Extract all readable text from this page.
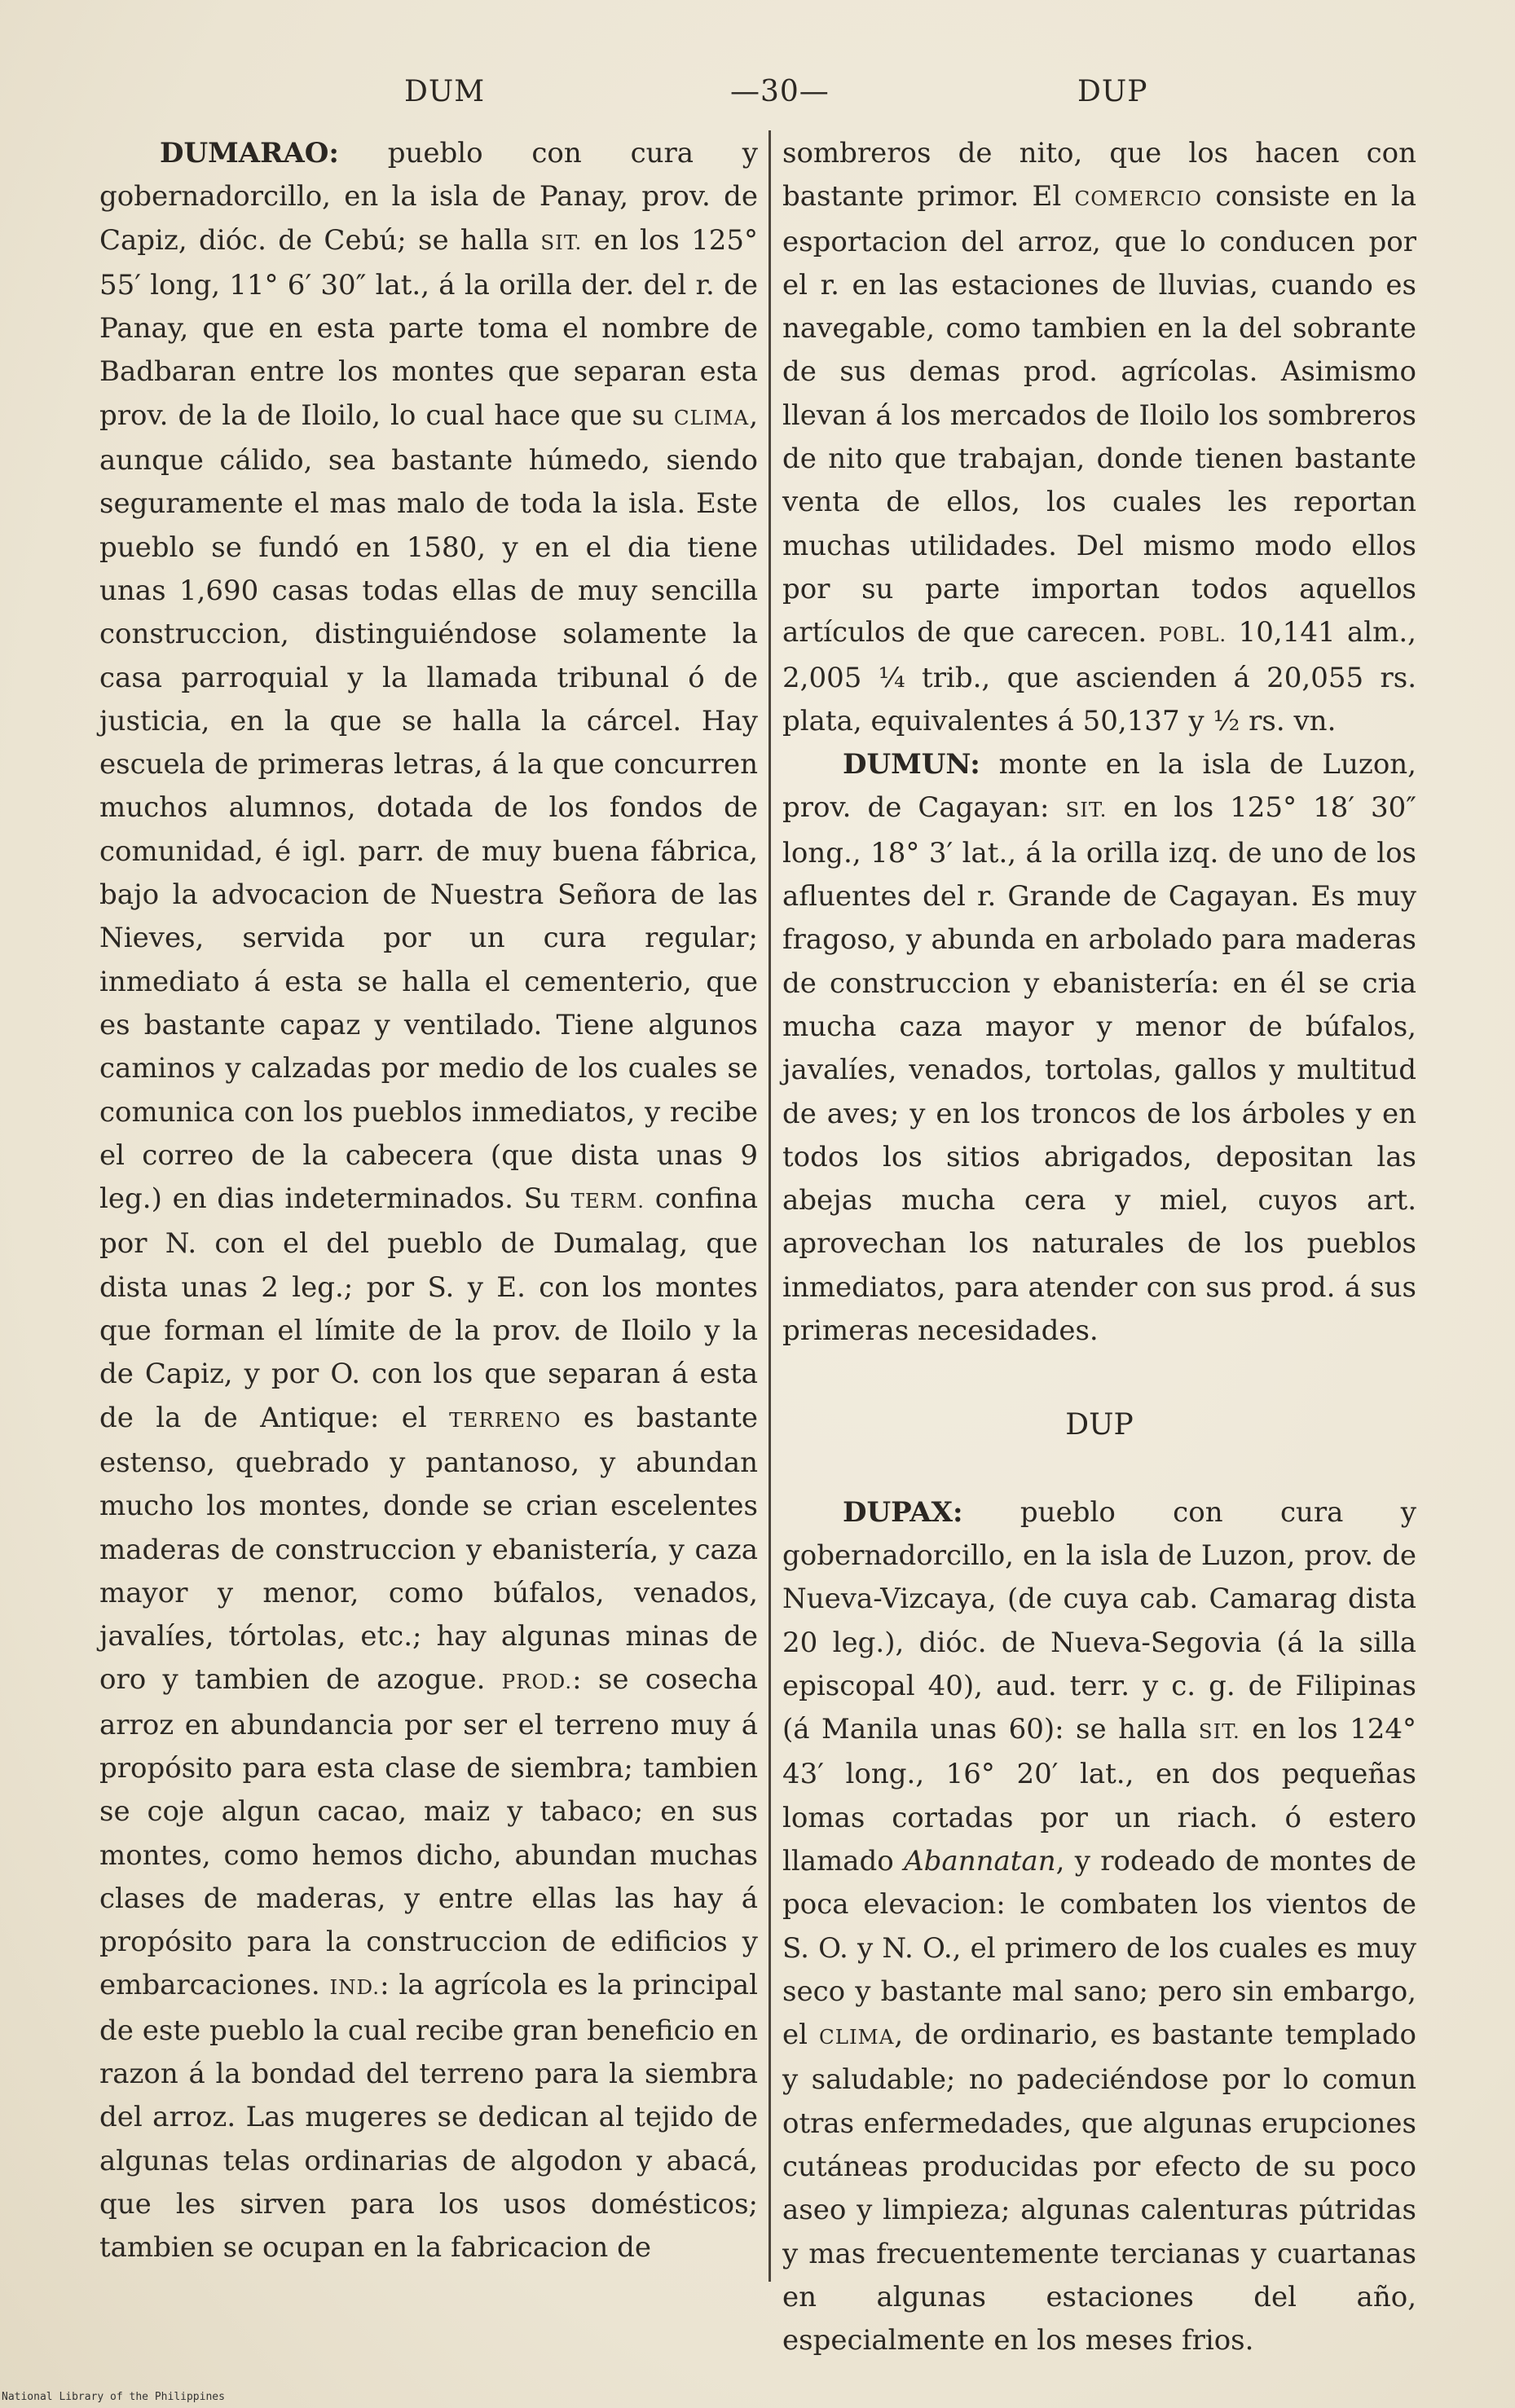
DUM	—30—	DUP

DUMARAO: pueblo con cura y gobernadorcillo, en la isla de Panay, prov. de Capiz, dióc. de Cebú; se halla SIT. en los 125° 55′ long, 11° 6′ 30″ lat., á la orilla der. del r. de Panay, que en esta parte toma el nombre de Badbaran entre los montes que separan esta prov. de la de Iloilo, lo cual hace que su CLIMA, aunque cálido, sea bastante húmedo, siendo seguramente el mas malo de toda la isla. Este pueblo se fundó en 1580, y en el dia tiene unas 1,690 casas todas ellas de muy sencilla construccion, distinguiéndose solamente la casa parroquial y la llamada tribunal ó de justicia, en la que se halla la cárcel. Hay escuela de primeras letras, á la que concurren muchos alumnos, dotada de los fondos de comunidad, é igl. parr. de muy buena fábrica, bajo la advocacion de Nuestra Señora de las Nieves, servida por un cura regular; inmediato á esta se halla el cementerio, que es bastante capaz y ventilado. Tiene algunos caminos y calzadas por medio de los cuales se comunica con los pueblos inmediatos, y recibe el correo de la cabecera (que dista unas 9 leg.) en dias indeterminados. Su TERM. confina por N. con el del pueblo de Dumalag, que dista unas 2 leg.; por S. y E. con los montes que forman el límite de la prov. de Iloilo y la de Capiz, y por O. con los que separan á esta de la de Antique: el TERRENO es bastante estenso, quebrado y pantanoso, y abundan mucho los montes, donde se crian escelentes maderas de construccion y ebanistería, y caza mayor y menor, como búfalos, venados, javalíes, tórtolas, etc.; hay algunas minas de oro y tambien de azogue. PROD.: se cosecha arroz en abundancia por ser el terreno muy á propósito para esta clase de siembra; tambien se coje algun cacao, maiz y tabaco; en sus montes, como hemos dicho, abundan muchas clases de maderas, y entre ellas las hay á propósito para la construccion de edificios y embarcaciones. IND.: la agrícola es la principal de este pueblo la cual recibe gran beneficio en razon á la bondad del terreno para la siembra del arroz. Las mugeres se dedican al tejido de algunas telas ordinarias de algodon y abacá, que les sirven para los usos domésticos; tambien se ocupan en la fabricacion de

sombreros de nito, que los hacen con bastante primor. El COMERCIO consiste en la esportacion del arroz, que lo conducen por el r. en las estaciones de lluvias, cuando es navegable, como tambien en la del sobrante de sus demas prod. agrícolas. Asimismo llevan á los mercados de Iloilo los sombreros de nito que trabajan, donde tienen bastante venta de ellos, los cuales les reportan muchas utilidades. Del mismo modo ellos por su parte importan todos aquellos artículos de que carecen. POBL. 10,141 alm., 2,005 ¼ trib., que ascienden á 20,055 rs. plata, equivalentes á 50,137 y ½ rs. vn.

DUMUN: monte en la isla de Luzon, prov. de Cagayan: SIT. en los 125° 18′ 30″ long., 18° 3′ lat., á la orilla izq. de uno de los afluentes del r. Grande de Cagayan. Es muy fragoso, y abunda en arbolado para maderas de construccion y ebanistería: en él se cria mucha caza mayor y menor de búfalos, javalíes, venados, tortolas, gallos y multitud de aves; y en los troncos de los árboles y en todos los sitios abrigados, depositan las abejas mucha cera y miel, cuyos art. aprovechan los naturales de los pueblos inmediatos, para atender con sus prod. á sus primeras necesidades.

DUP

DUPAX: pueblo con cura y gobernadorcillo, en la isla de Luzon, prov. de Nueva-Vizcaya, (de cuya cab. Camarag dista 20 leg.), dióc. de Nueva-Segovia (á la silla episcopal 40), aud. terr. y c. g. de Filipinas (á Manila unas 60): se halla SIT. en los 124° 43′ long., 16° 20′ lat., en dos pequeñas lomas cortadas por un riach. ó estero llamado Abannatan, y rodeado de montes de poca elevacion: le combaten los vientos de S. O. y N. O., el primero de los cuales es muy seco y bastante mal sano; pero sin embargo, el CLIMA, de ordinario, es bastante templado y saludable; no padeciéndose por lo comun otras enfermedades, que algunas erupciones cutáneas producidas por efecto de su poco aseo y limpieza; algunas calenturas pútridas y mas frecuentemente tercianas y cuartanas en algunas estaciones del año, especialmente en los meses frios.

National Library of the Philippines
